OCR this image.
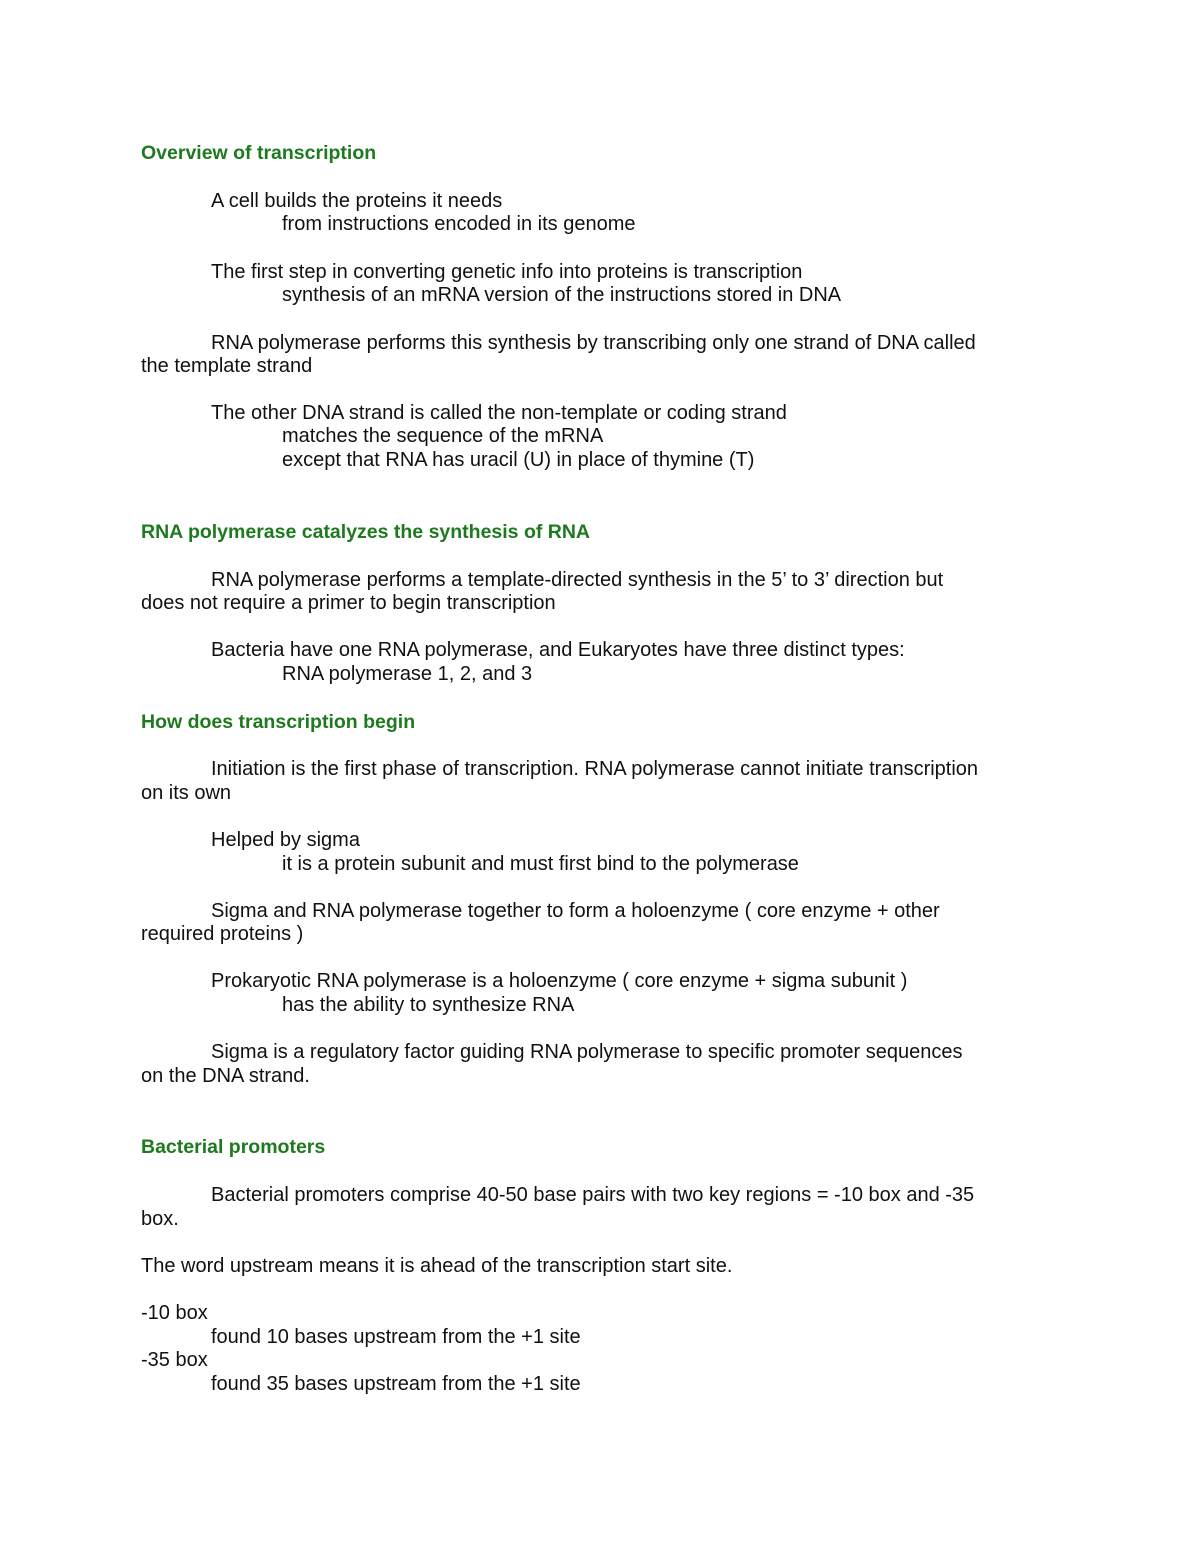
Overview of transcription
A cell builds the proteins it needs
from instructions encoded in its genome
The first step in converting genetic info into proteins is transcription
synthesis of an mRNA version of the instructions stored in DNA
RNA polymerase performs this synthesis by transcribing only one strand of DNA called
the template strand
The other DNA strand is called the non-template or coding strand
matches the sequence of the mRNA
except that RNA has uracil (U) in place of thymine (T)
RNA polymerase catalyzes the synthesis of RNA
RNA polymerase performs a template-directed synthesis in the 5’ to 3’ direction but
does not require a primer to begin transcription
Bacteria have one RNA polymerase, and Eukaryotes have three distinct types:
RNA polymerase 1, 2, and 3
How does transcription begin
Initiation is the first phase of transcription. RNA polymerase cannot initiate transcription
on its own
Helped by sigma
it is a protein subunit and must first bind to the polymerase
Sigma and RNA polymerase together to form a holoenzyme ( core enzyme + other
required proteins )
Prokaryotic RNA polymerase is a holoenzyme ( core enzyme + sigma subunit )
has the ability to synthesize RNA
Sigma is a regulatory factor guiding RNA polymerase to specific promoter sequences
on the DNA strand.
Bacterial promoters
Bacterial promoters comprise 40-50 base pairs with two key regions = -10 box and -35
box.
The word upstream means it is ahead of the transcription start site.
-10 box
found 10 bases upstream from the +1 site
-35 box
found 35 bases upstream from the +1 site
